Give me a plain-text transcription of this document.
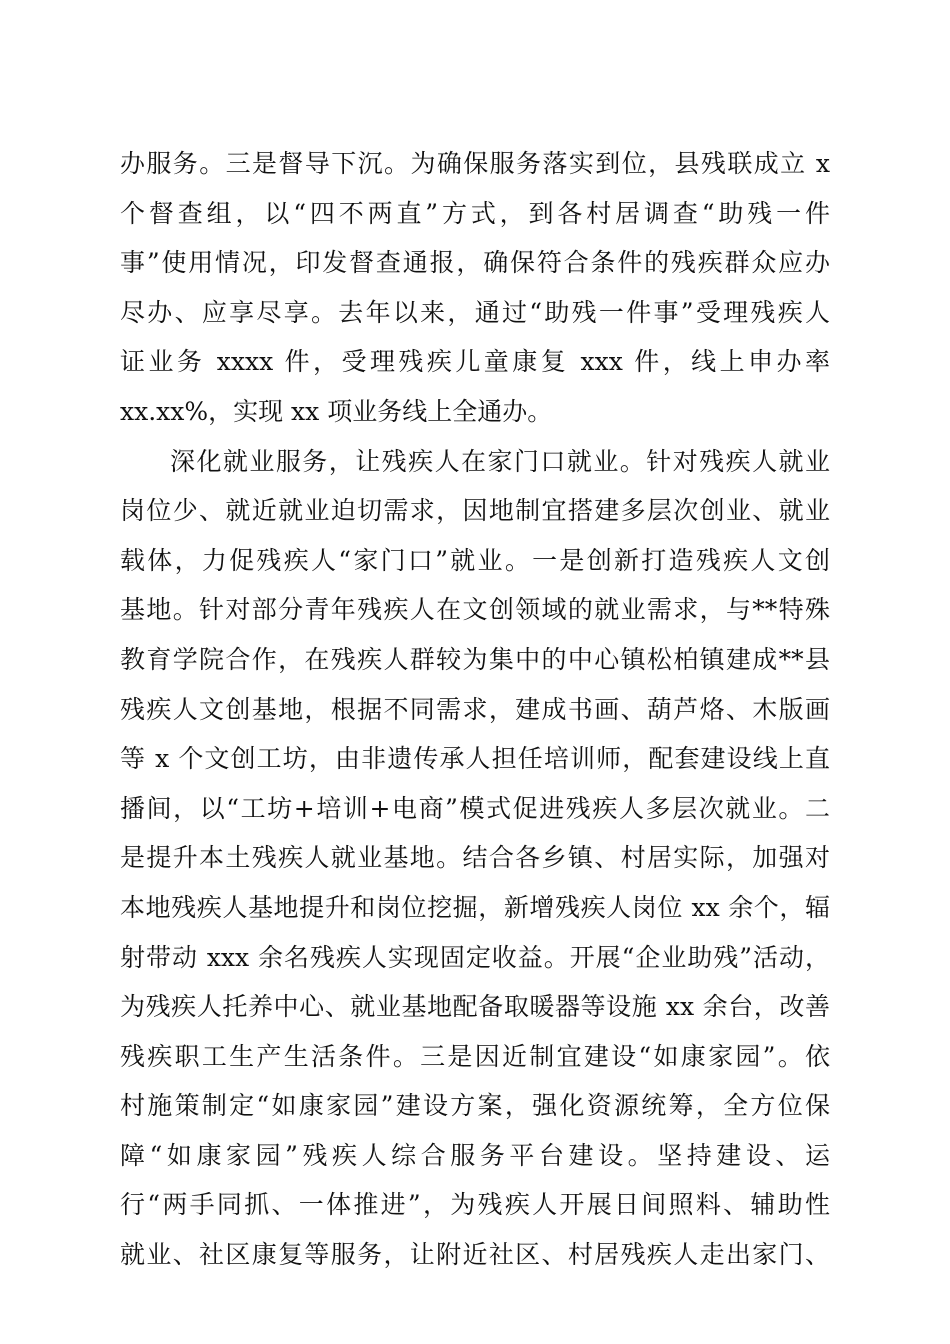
办服务。三是督导下沉。为确保服务落实到位，县残联成立 x
个督查组，以“四不两直”方式，到各村居调查“助残一件
事”使用情况，印发督查通报，确保符合条件的残疾群众应办
尽办、应享尽享。去年以来，通过“助残一件事”受理残疾人
证业务 xxxx 件，受理残疾儿童康复 xxx 件，线上申办率
xx.xx%，实现 xx 项业务线上全通办。
深化就业服务，让残疾人在家门口就业。针对残疾人就业
岗位少、就近就业迫切需求，因地制宜搭建多层次创业、就业
载体，力促残疾人“家门口”就业。一是创新打造残疾人文创
基地。针对部分青年残疾人在文创领域的就业需求，与**特殊
教育学院合作，在残疾人群较为集中的中心镇松柏镇建成**县
残疾人文创基地，根据不同需求，建成书画、葫芦烙、木版画
等 x 个文创工坊，由非遗传承人担任培训师，配套建设线上直
播间，以“工坊+培训+电商”模式促进残疾人多层次就业。二
是提升本土残疾人就业基地。结合各乡镇、村居实际，加强对
本地残疾人基地提升和岗位挖掘，新增残疾人岗位 xx 余个，辐
射带动 xxx 余名残疾人实现固定收益。开展“企业助残”活动，
为残疾人托养中心、就业基地配备取暖器等设施 xx 余台，改善
残疾职工生产生活条件。三是因近制宜建设“如康家园”。依
村施策制定“如康家园”建设方案，强化资源统筹，全方位保
障“如康家园”残疾人综合服务平台建设。坚持建设、运
行“两手同抓、一体推进”，为残疾人开展日间照料、辅助性
就业、社区康复等服务，让附近社区、村居残疾人走出家门、
